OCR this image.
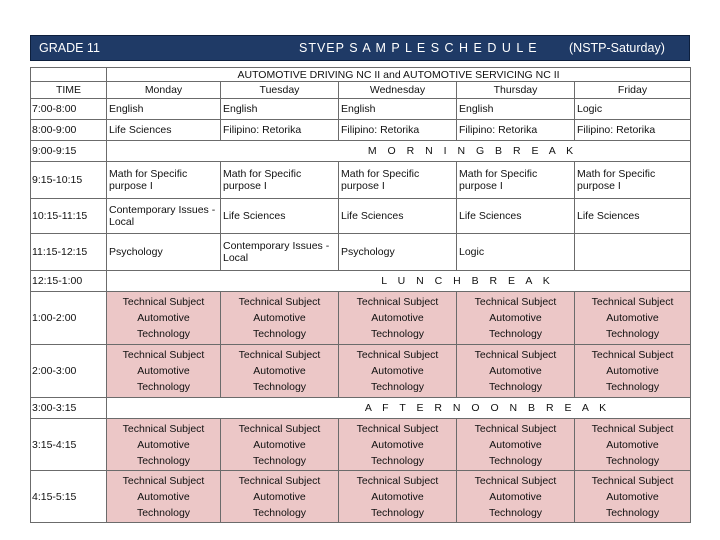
GRADE 11	STVEP S A M P L E S C H E D U L E	(NSTP-Saturday)
	AUTOMOTIVE DRIVING NC II and AUTOMOTIVE SERVICING NC II				
TIME	Monday	Tuesday	Wednesday	Thursday	Friday
7:00-8:00	English	English	English	English	Logic
8:00-9:00	Life Sciences	Filipino: Retorika	Filipino: Retorika	Filipino: Retorika	Filipino: Retorika
9:00-9:15	M O R N I N G B R E A K				
9:15-10:15	Math for Specific purpose I	Math for Specific purpose I	Math for Specific purpose I	Math for Specific purpose I	Math for Specific purpose I
10:15-11:15	Contemporary Issues - Local	Life Sciences	Life Sciences	Life Sciences	Life Sciences
11:15-12:15	Psychology	Contemporary Issues - Local	Psychology	Logic	
12:15-1:00	L U N C H B R E A K				
1:00-2:00	Technical Subject
Automotive
Technology	Technical Subject
Automotive
Technology	Technical Subject
Automotive
Technology	Technical Subject
Automotive
Technology	Technical Subject
Automotive
Technology

2:00-3:00	Technical Subject
Automotive
Technology	Technical Subject
Automotive
Technology	Technical Subject
Automotive
Technology	Technical Subject
Automotive
Technology	Technical Subject
Automotive
Technology

3:00-3:15	A F T E R N O O N B R E A K				
3:15-4:15	Technical Subject
Automotive
Technology	Technical Subject
Automotive
Technology	Technical Subject
Automotive
Technology	Technical Subject
Automotive
Technology	Technical Subject
Automotive
Technology

4:15-5:15	Technical Subject
Automotive
Technology	Technical Subject
Automotive
Technology	Technical Subject
Automotive
Technology	Technical Subject
Automotive
Technology	Technical Subject
Automotive
Technology
